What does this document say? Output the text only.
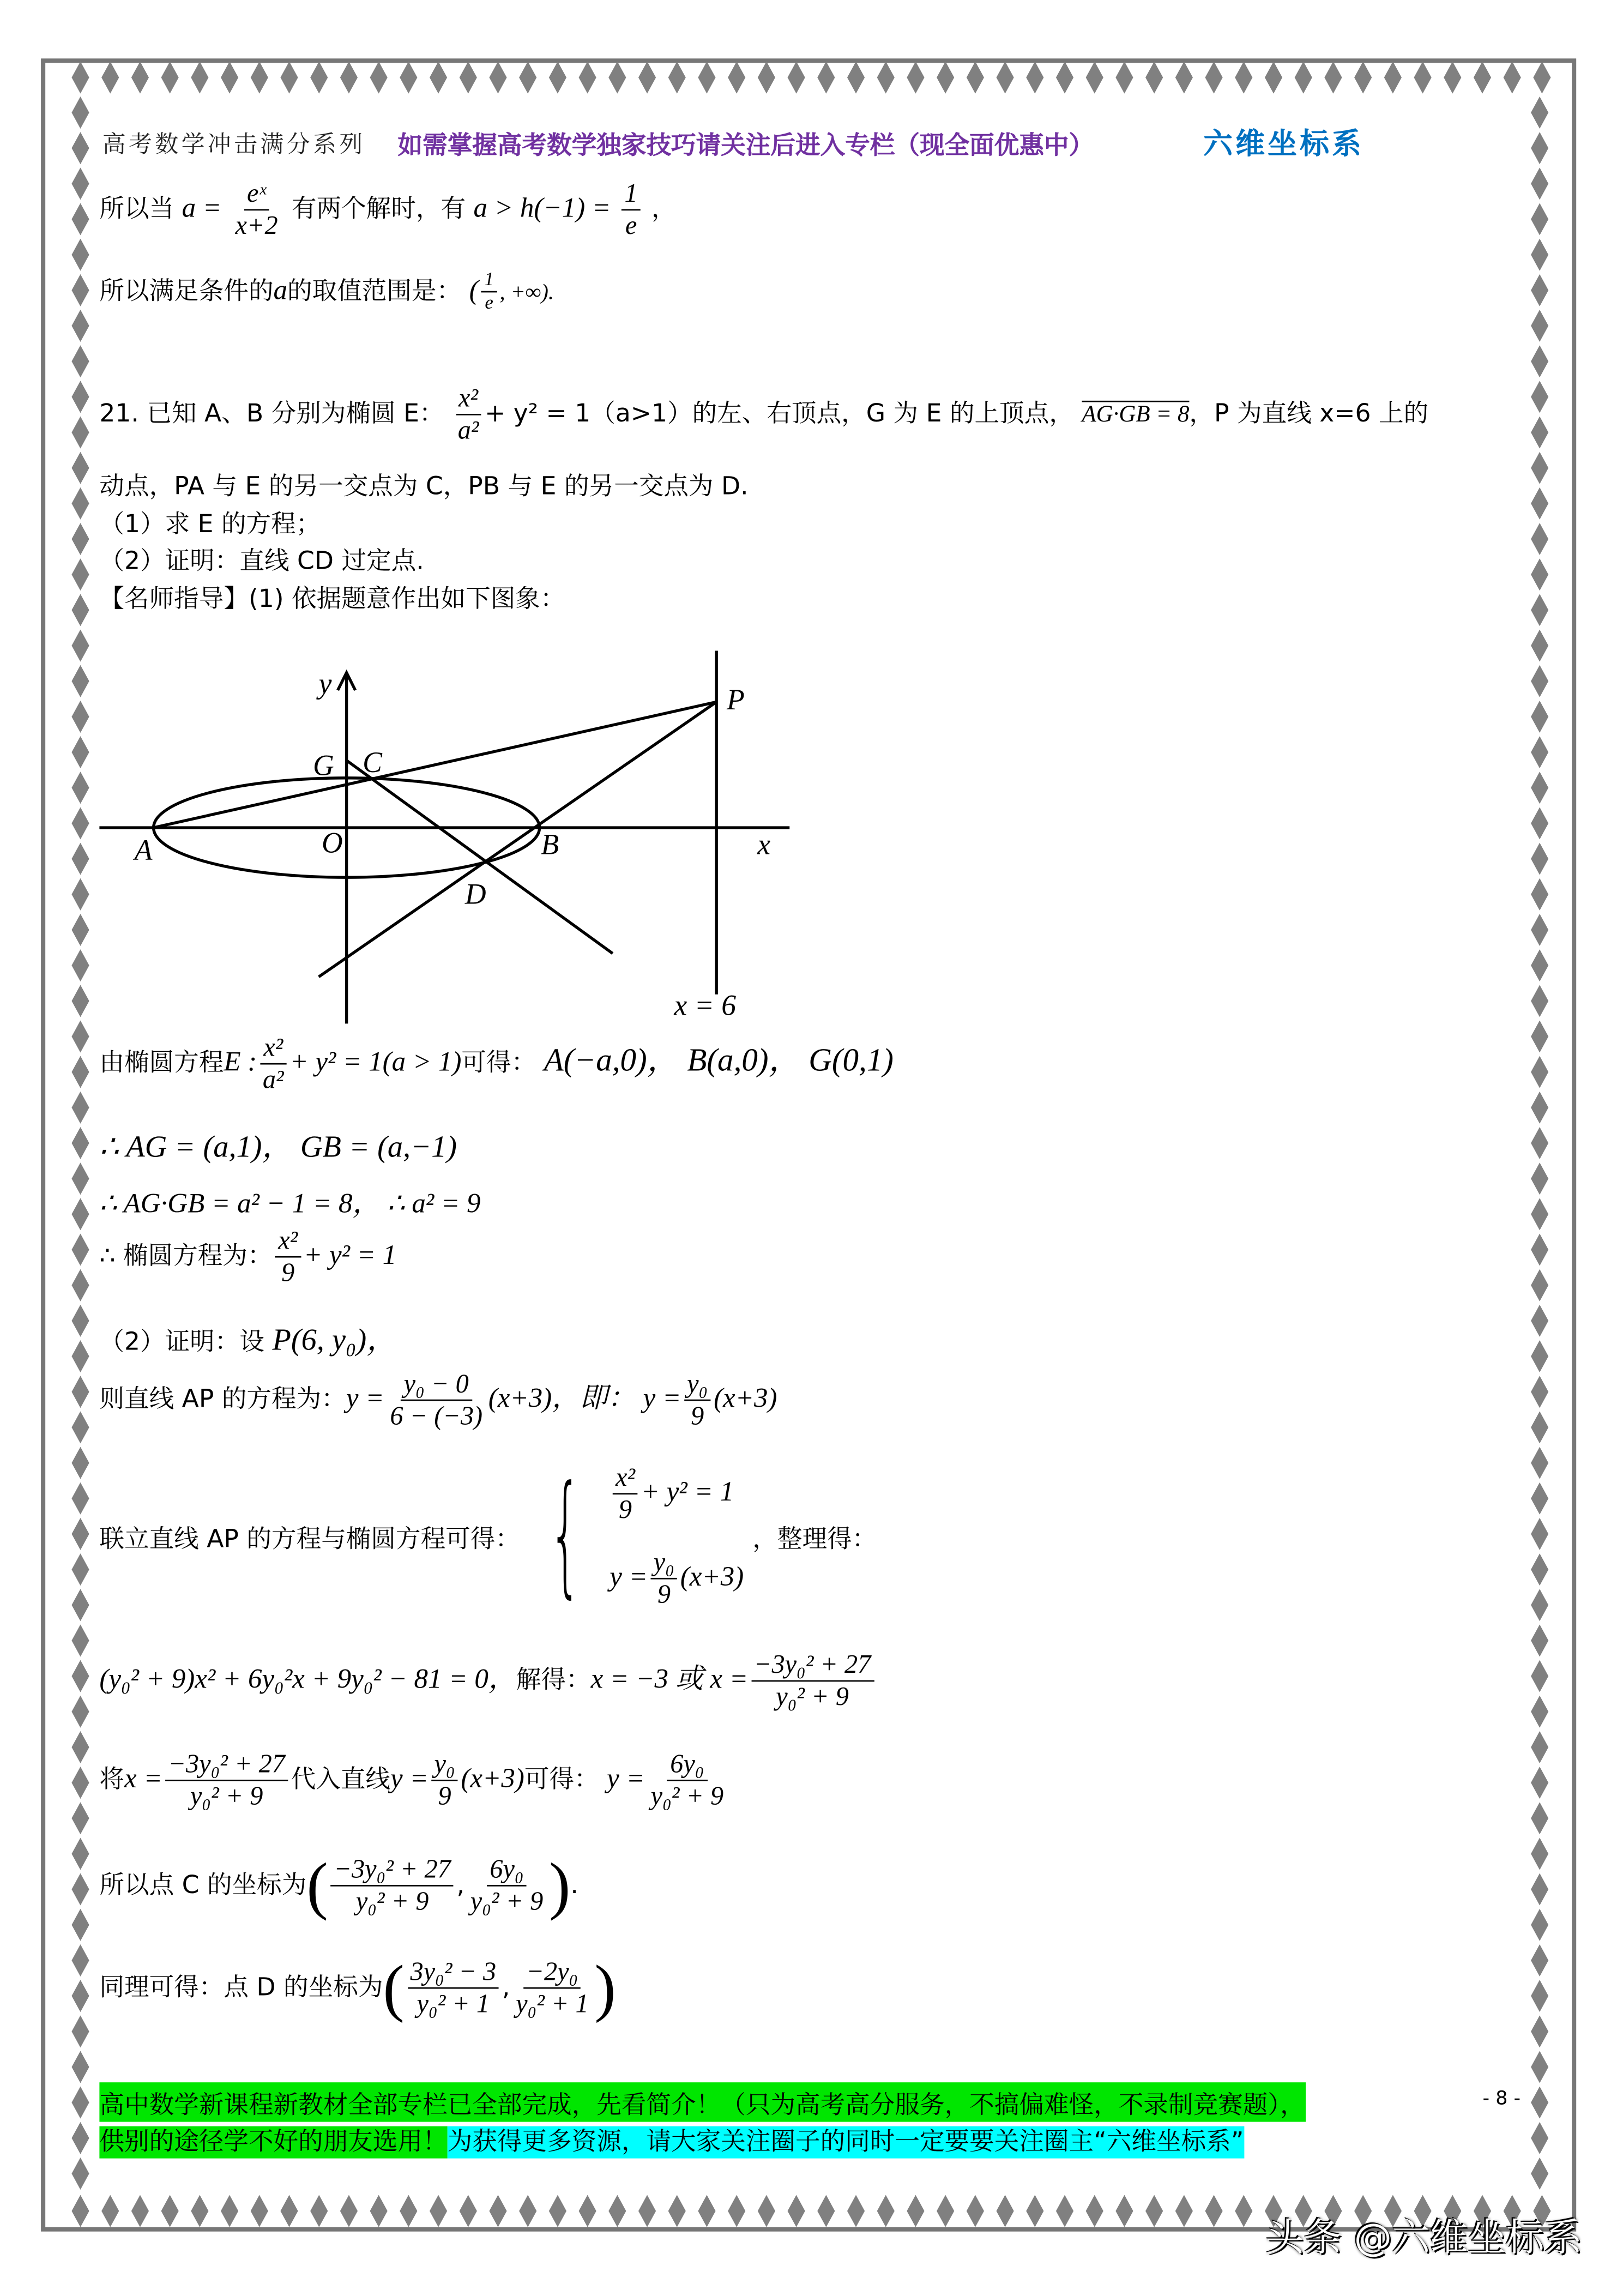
高考数学冲击满分系列	如需掌握高考数学独家技巧请关注后进入专栏（现全面优惠中）	六维坐标系
所以当 $a = \frac{\text{eˣ}}{x+2}$ 有两个解时，有 $a > h(-1) = \frac{1}{e}$ ，
所以满足条件的a的取值范围是： ( $\frac{1}{e}$ , +∞).
21. 已知 A、B 分别为椭圆 E： $\frac{\text{x²}}{\text{a²}} + y^2 = 1(a>1)$的左、右顶点，G 为 E 的上顶点， AG·GB = 8，P 为直线 x=6 上的
动点，PA 与 E 的另一交点为 C，PB 与 E 的另一交点为 D.
（1）求 E 的方程；
（2）证明：直线 CD 过定点.
【名师指导】(1) 依据题意作出如下图象：
y
x
P
G	C
A	O	B
D
x = 6
由椭圆方程E : $\frac{\text{x²}}{\text{a²}} + y^2 = 1(a > 1)$可得： A(−a,0)， B(a,0)， G(0,1)
∴ AG = (a,1)， GB = (a,−1)
∴ AG·GB = a² − 1 = 8， ∴ a² = 9
∴ 椭圆方程为： $\frac{\text{x²}}{9} + y^2 = 1$
（2）证明：设 P(6, y₀)，
则直线 AP 的方程为：$y = \frac{\text{y₀ − 0}}{6 - (-3)} (x+3)$，即： $y = \frac{\text{y₀}}{9} (x+3)$
联立直线 AP 的方程与椭圆方程可得： {	$\frac{\text{x²}}{9} + y^2 = 1$
$y = \frac{\text{y₀}}{9} (x+3)$
，整理得：
(y₀² + 9)x² + 6y₀²x + 9y₀² − 81 = 0，解得：x = −3 或 $x = \frac{\text{−3y₀² + 27}}{\text{y₀² + 9}}$
将$x = \frac{\text{−3y₀² + 27}}{\text{y₀² + 9}}$ 代入直线$y = \frac{\text{y₀}}{9} (x+3)$可得： $y = \frac{\text{6y₀}}{\text{y₀² + 9}}$
所以点 C 的坐标为( $\frac{\text{−3y₀² + 27}}{\text{y₀² + 9}}$ , $\frac{\text{6y₀}}{\text{y₀² + 9}}$ ).
同理可得：点 D 的坐标为( $\frac{\text{3y₀² − 3}}{\text{y₀² + 1}}$ , $\frac{\text{−2y₀}}{\text{y₀² + 1}}$ )
高中数学新课程新教材全部专栏已全部完成，先看简介！（只为高考高分服务，不搞偏难怪，不录制竞赛题），	- 8 -
供别的途径学不好的朋友选用！为获得更多资源，请大家关注圈子的同时一定要要关注圈主“六维坐标系”
头条 @六维坐标系
